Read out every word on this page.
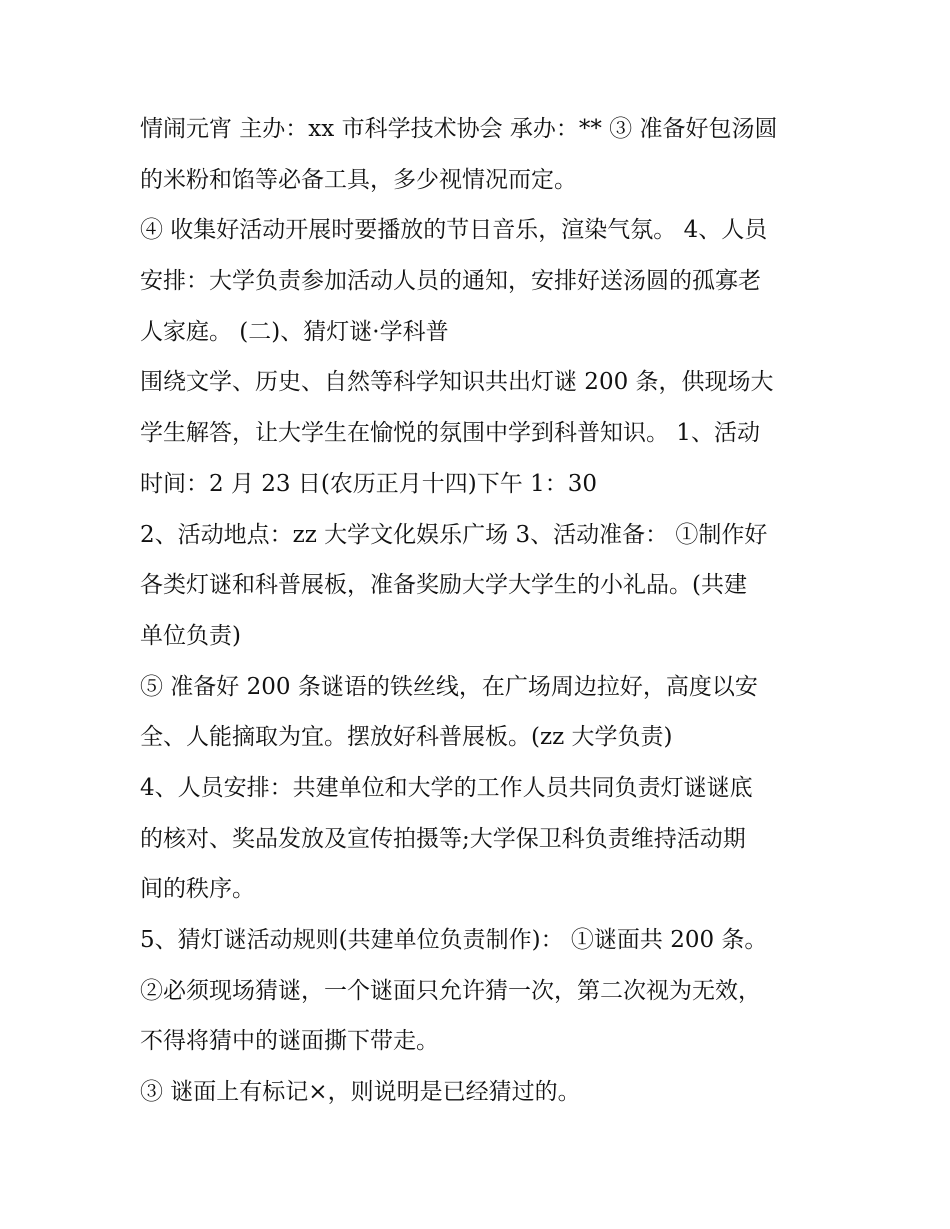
情闹元宵 主办：xx 市科学技术协会 承办：** ③ 准备好包汤圆
的米粉和馅等必备工具，多少视情况而定。
④ 收集好活动开展时要播放的节日音乐，渲染气氛。 4、人员
安排：大学负责参加活动人员的通知，安排好送汤圆的孤寡老
人家庭。 (二)、猜灯谜·学科普
围绕文学、历史、自然等科学知识共出灯谜 200 条，供现场大
学生解答，让大学生在愉悦的氛围中学到科普知识。 1、活动
时间：2 月 23 日(农历正月十四)下午 1：30
2、活动地点：zz 大学文化娱乐广场 3、活动准备： ①制作好
各类灯谜和科普展板，准备奖励大学大学生的小礼品。(共建
单位负责)
⑤ 准备好 200 条谜语的铁丝线，在广场周边拉好，高度以安
全、人能摘取为宜。摆放好科普展板。(zz 大学负责)
4、人员安排：共建单位和大学的工作人员共同负责灯谜谜底
的核对、奖品发放及宣传拍摄等;大学保卫科负责维持活动期
间的秩序。
5、猜灯谜活动规则(共建单位负责制作)： ①谜面共 200 条。
②必须现场猜谜，一个谜面只允许猜一次，第二次视为无效，
不得将猜中的谜面撕下带走。
③ 谜面上有标记×，则说明是已经猜过的。
